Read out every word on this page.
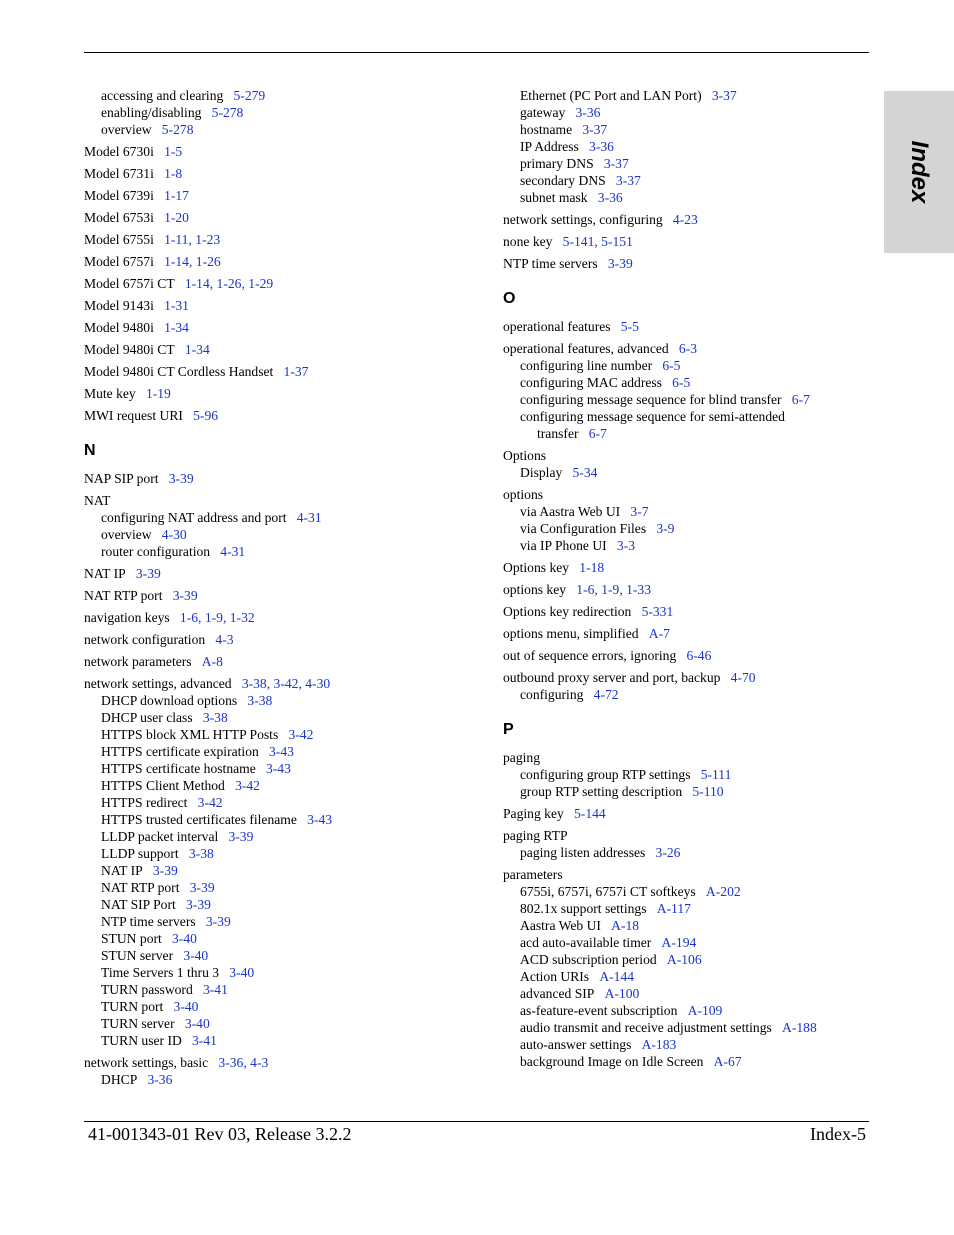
accessing and clearing 5-279
enabling/disabling 5-278
overview 5-278
Model 6730i 1-5
Model 6731i 1-8
Model 6739i 1-17
Model 6753i 1-20
Model 6755i 1-11, 1-23
Model 6757i 1-14, 1-26
Model 6757i CT 1-14, 1-26, 1-29
Model 9143i 1-31
Model 9480i 1-34
Model 9480i CT 1-34
Model 9480i CT Cordless Handset 1-37
Mute key 1-19
MWI request URI 5-96
N
NAP SIP port 3-39
NAT
configuring NAT address and port 4-31
overview 4-30
router configuration 4-31
NAT IP 3-39
NAT RTP port 3-39
navigation keys 1-6, 1-9, 1-32
network configuration 4-3
network parameters A-8
network settings, advanced 3-38, 3-42, 4-30
DHCP download options 3-38
DHCP user class 3-38
HTTPS block XML HTTP Posts 3-42
HTTPS certificate expiration 3-43
HTTPS certificate hostname 3-43
HTTPS Client Method 3-42
HTTPS redirect 3-42
HTTPS trusted certificates filename 3-43
LLDP packet interval 3-39
LLDP support 3-38
NAT IP 3-39
NAT RTP port 3-39
NAT SIP Port 3-39
NTP time servers 3-39
STUN port 3-40
STUN server 3-40
Time Servers 1 thru 3 3-40
TURN password 3-41
TURN port 3-40
TURN server 3-40
TURN user ID 3-41
network settings, basic 3-36, 4-3
DHCP 3-36
Ethernet (PC Port and LAN Port) 3-37
gateway 3-36
hostname 3-37
IP Address 3-36
primary DNS 3-37
secondary DNS 3-37
subnet mask 3-36
network settings, configuring 4-23
none key 5-141, 5-151
NTP time servers 3-39
O
operational features 5-5
operational features, advanced 6-3
configuring line number 6-5
configuring MAC address 6-5
configuring message sequence for blind transfer 6-7
configuring message sequence for semi-attended
transfer 6-7
Options
Display 5-34
options
via Aastra Web UI 3-7
via Configuration Files 3-9
via IP Phone UI 3-3
Options key 1-18
options key 1-6, 1-9, 1-33
Options key redirection 5-331
options menu, simplified A-7
out of sequence errors, ignoring 6-46
outbound proxy server and port, backup 4-70
configuring 4-72
P
paging
configuring group RTP settings 5-111
group RTP setting description 5-110
Paging key 5-144
paging RTP
paging listen addresses 3-26
parameters
6755i, 6757i, 6757i CT softkeys A-202
802.1x support settings A-117
Aastra Web UI A-18
acd auto-available timer A-194
ACD subscription period A-106
Action URIs A-144
advanced SIP A-100
as-feature-event subscription A-109
audio transmit and receive adjustment settings A-188
auto-answer settings A-183
background Image on Idle Screen A-67
Index
41-001343-01 Rev 03, Release 3.2.2	Index-5
